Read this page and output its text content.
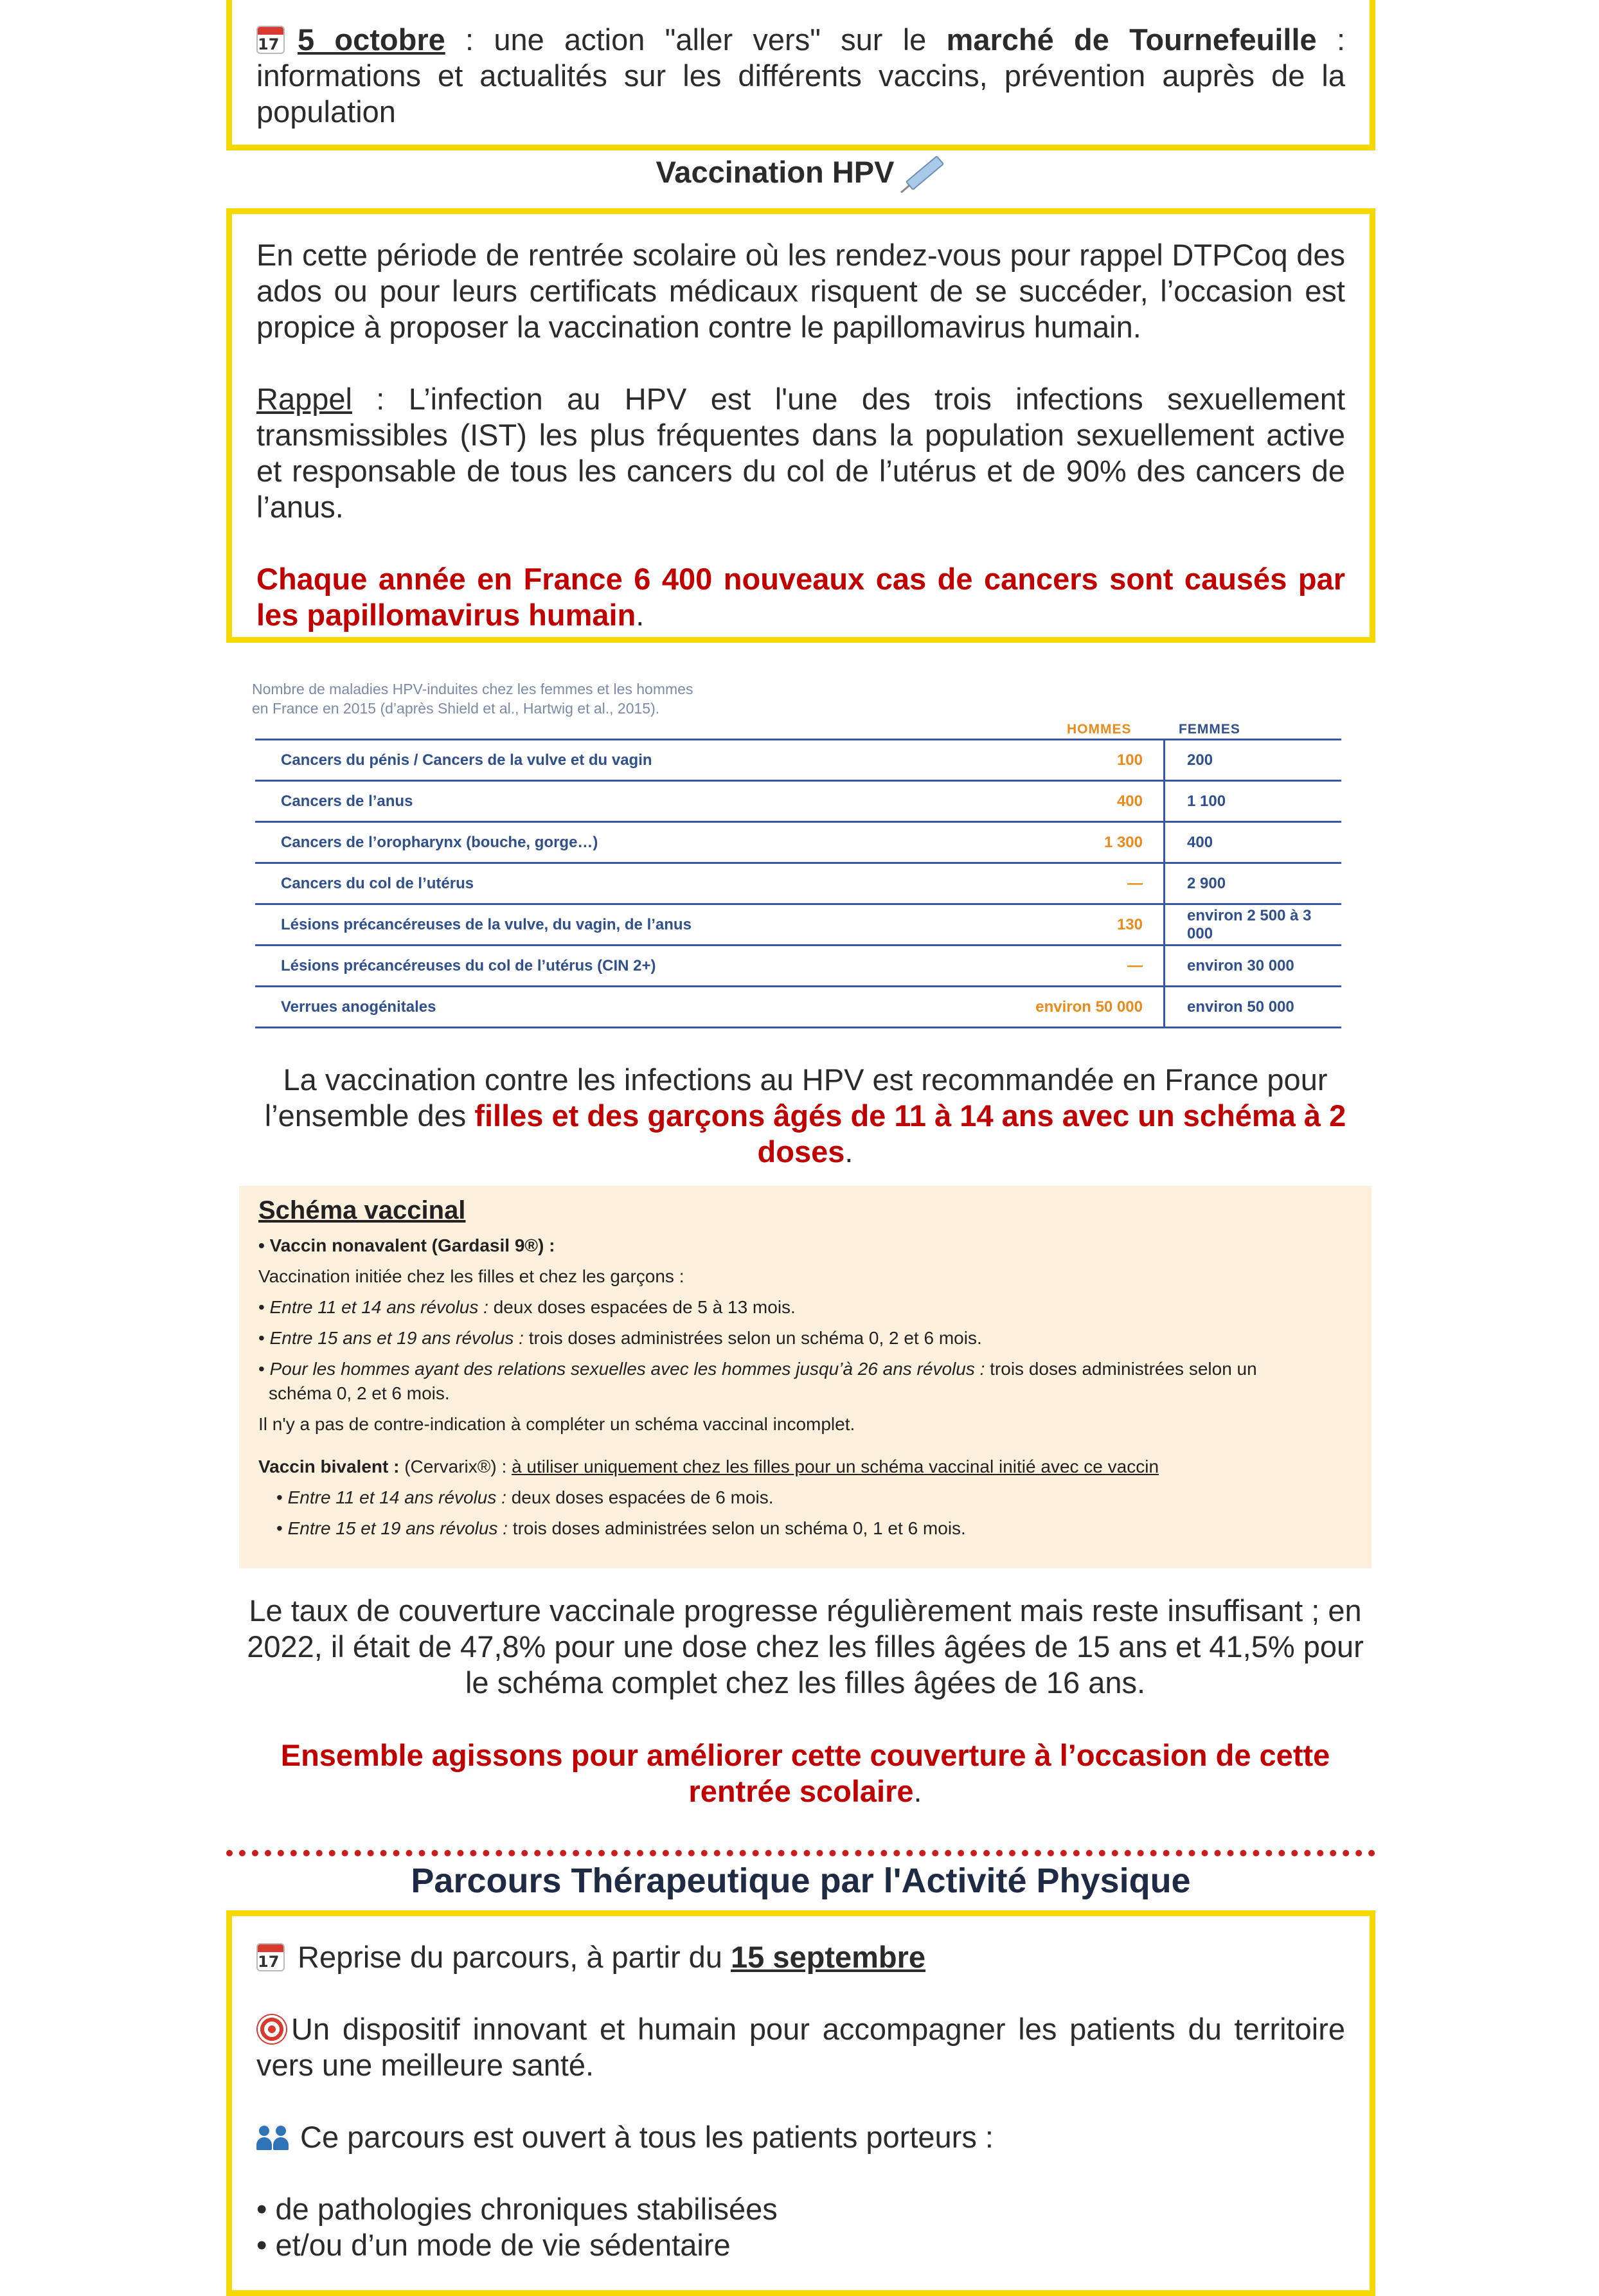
17 5 octobre : une action "aller vers" sur le marché de Tournefeuille : informations et actualités sur les différents vaccins, prévention auprès de la population

Vaccination HPV

En cette période de rentrée scolaire où les rendez-vous pour rappel DTPCoq des ados ou pour leurs certificats médicaux risquent de se succéder, l’occasion est propice à proposer la vaccination contre le papillomavirus humain.

Rappel : L’infection au HPV est l'une des trois infections sexuellement transmissibles (IST) les plus fréquentes dans la population sexuellement active et responsable de tous les cancers du col de l’utérus et de 90% des cancers de l’anus.

Chaque année en France 6 400 nouveaux cas de cancers sont causés par les papillomavirus humain.

Nombre de maladies HPV-induites chez les femmes et les hommes
en France en 2015 (d’après Shield et al., Hartwig et al., 2015).
HOMMES	FEMMES
Cancers du pénis / Cancers de la vulve et du vagin	100	200
Cancers de l’anus	400	1 100
Cancers de l’oropharynx (bouche, gorge…)	1 300	400
Cancers du col de l’utérus	—	2 900
Lésions précancéreuses de la vulve, du vagin, de l’anus	130	environ 2 500 à 3 000
Lésions précancéreuses du col de l’utérus (CIN 2+)	—	environ 30 000
Verrues anogénitales	environ 50 000	environ 50 000

La vaccination contre les infections au HPV est recommandée en France pour l’ensemble des filles et des garçons âgés de 11 à 14 ans avec un schéma à 2 doses.

Schéma vaccinal

• Vaccin nonavalent (Gardasil 9®) :

Vaccination initiée chez les filles et chez les garçons :

• Entre 11 et 14 ans révolus : deux doses espacées de 5 à 13 mois.

• Entre 15 ans et 19 ans révolus : trois doses administrées selon un schéma 0, 2 et 6 mois.

• Pour les hommes ayant des relations sexuelles avec les hommes jusqu’à 26 ans révolus : trois doses administrées selon un
schéma 0, 2 et 6 mois.

Il n'y a pas de contre-indication à compléter un schéma vaccinal incomplet.

Vaccin bivalent : (Cervarix®) : à utiliser uniquement chez les filles pour un schéma vaccinal initié avec ce vaccin

• Entre 11 et 14 ans révolus : deux doses espacées de 6 mois.

• Entre 15 et 19 ans révolus : trois doses administrées selon un schéma 0, 1 et 6 mois.

Le taux de couverture vaccinale progresse régulièrement mais reste insuffisant ; en 2022, il était de 47,8% pour une dose chez les filles âgées de 15 ans et 41,5% pour le schéma complet chez les filles âgées de 16 ans.

Ensemble agissons pour améliorer cette couverture à l’occasion de cette rentrée scolaire.

Parcours Thérapeutique par l'Activité Physique

17 Reprise du parcours, à partir du 15 septembre

Un dispositif innovant et humain pour accompagner les patients du territoire vers une meilleure santé.

Ce parcours est ouvert à tous les patients porteurs :

• de pathologies chroniques stabilisées

• et/ou d’un mode de vie sédentaire
